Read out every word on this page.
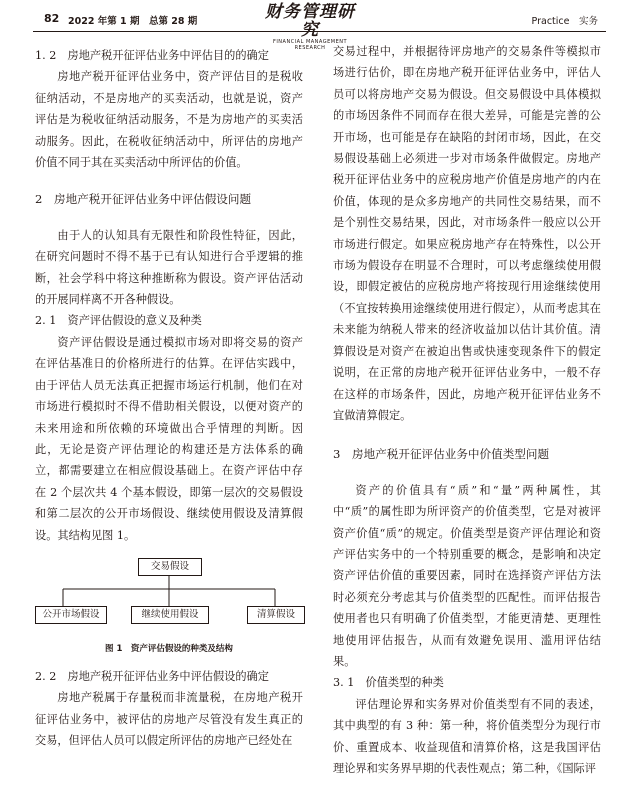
82 2022 年第 1 期　总第 28 期	财务管理研究
FINANCIAL MANAGEMENT RESEARCH
Practice　实务
1. 2　房地产税开征评估业务中评估目的的确定

房地产税开征评估业务中，资产评估目的是税收征纳活动，不是房地产的买卖活动，也就是说，资产评估是为税收征纳活动服务，不是为房地产的买卖活动服务。因此，在税收征纳活动中，所评估的房地产价值不同于其在买卖活动中所评估的价值。

2　房地产税开征评估业务中评估假设问题

由于人的认知具有无限性和阶段性特征，因此，在研究问题时不得不基于已有认知进行合乎逻辑的推断，社会学科中将这种推断称为假设。资产评估活动的开展同样离不开各种假设。

2. 1　资产评估假设的意义及种类

资产评估假设是通过模拟市场对即将交易的资产在评估基准日的价格所进行的估算。在评估实践中，由于评估人员无法真正把握市场运行机制，他们在对市场进行模拟时不得不借助相关假设，以便对资产的未来用途和所依赖的环境做出合乎情理的判断。因此，无论是资产评估理论的构建还是方法体系的确立，都需要建立在相应假设基础上。在资产评估中存在 2 个层次共 4 个基本假设，即第一层次的交易假设和第二层次的公开市场假设、继续使用假设及清算假设。其结构见图 1。

交易假设
公开市场假设	继续使用假设	清算假设
图 1　资产评估假设的种类及结构
2. 2　房地产税开征评估业务中评估假设的确定

房地产税属于存量税而非流量税，在房地产税开征评估业务中，被评估的房地产尽管没有发生真正的交易，但评估人员可以假定所评估的房地产已经处在

交易过程中，并根据待评房地产的交易条件等模拟市场进行估价，即在房地产税开征评估业务中，评估人员可以将房地产交易为假设。但交易假设中具体模拟的市场因条件不同而存在很大差异，可能是完善的公开市场，也可能是存在缺陷的封闭市场，因此，在交易假设基础上必须进一步对市场条件做假定。房地产税开征评估业务中的应税房地产价值是房地产的内在价值，体现的是众多房地产的共同性交易结果，而不是个别性交易结果，因此，对市场条件一般应以公开市场进行假定。如果应税房地产存在特殊性，以公开市场为假设存在明显不合理时，可以考虑继续使用假设，即假定被估的应税房地产将按现行用途继续使用（不宜按转换用途继续使用进行假定），从而考虑其在未来能为纳税人带来的经济收益加以估计其价值。清算假设是对资产在被迫出售或快速变现条件下的假定说明，在正常的房地产税开征评估业务中，一般不存在这样的市场条件，因此，房地产税开征评估业务不宜做清算假定。

3　房地产税开征评估业务中价值类型问题

资产的价值具有“质”和“量”两种属性，其中“质”的属性即为所评资产的价值类型，它是对被评资产价值“质”的规定。价值类型是资产评估理论和资产评估实务中的一个特别重要的概念，是影响和决定资产评估价值的重要因素，同时在选择资产评估方法时必须充分考虑其与价值类型的匹配性。而评估报告使用者也只有明确了价值类型，才能更清楚、更理性地使用评估报告，从而有效避免误用、滥用评估结果。

3. 1　价值类型的种类

评估理论界和实务界对价值类型有不同的表述，其中典型的有 3 种：第一种，将价值类型分为现行市价、重置成本、收益现值和清算价格，这是我国评估理论界和实务界早期的代表性观点；第二种，《国际评
